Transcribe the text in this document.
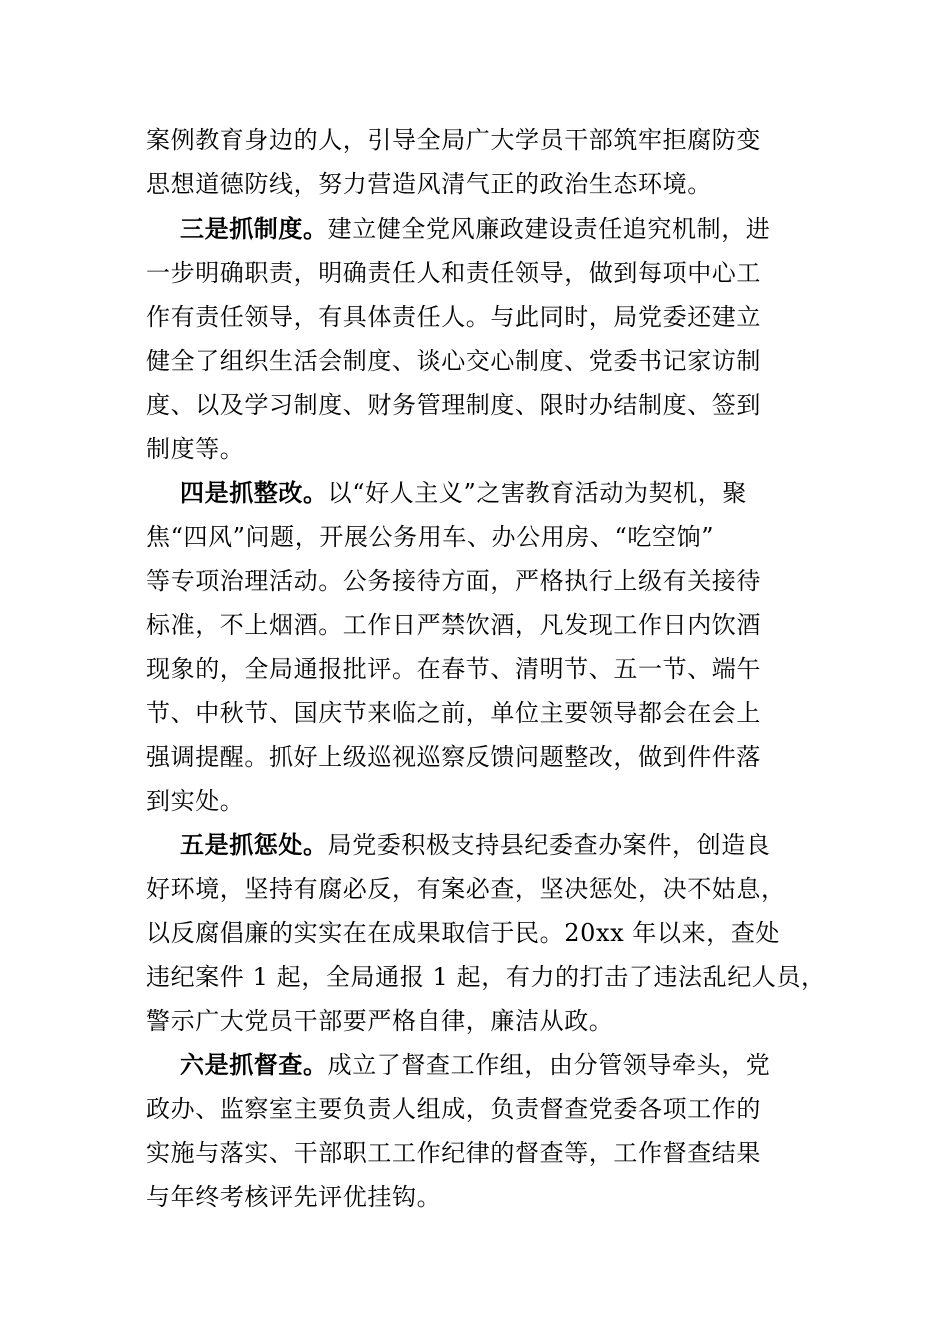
案例教育身边的人，引导全局广大学员干部筑牢拒腐防变
思想道德防线，努力营造风清气正的政治生态环境。
三是抓制度。建立健全党风廉政建设责任追究机制，进
一步明确职责，明确责任人和责任领导，做到每项中心工
作有责任领导，有具体责任人。与此同时，局党委还建立
健全了组织生活会制度、谈心交心制度、党委书记家访制
度、以及学习制度、财务管理制度、限时办结制度、签到
制度等。
四是抓整改。以“好人主义”之害教育活动为契机，聚
焦“四风”问题，开展公务用车、办公用房、“吃空饷”
等专项治理活动。公务接待方面，严格执行上级有关接待
标准，不上烟酒。工作日严禁饮酒，凡发现工作日内饮酒
现象的，全局通报批评。在春节、清明节、五一节、端午
节、中秋节、国庆节来临之前，单位主要领导都会在会上
强调提醒。抓好上级巡视巡察反馈问题整改，做到件件落
到实处。
五是抓惩处。局党委积极支持县纪委查办案件，创造良
好环境，坚持有腐必反，有案必查，坚决惩处，决不姑息，
以反腐倡廉的实实在在成果取信于民。20xx 年以来，查处
违纪案件 1 起，全局通报 1 起，有力的打击了违法乱纪人员，
警示广大党员干部要严格自律，廉洁从政。
六是抓督查。成立了督查工作组，由分管领导牵头，党
政办、监察室主要负责人组成，负责督查党委各项工作的
实施与落实、干部职工工作纪律的督查等，工作督查结果
与年终考核评先评优挂钩。
